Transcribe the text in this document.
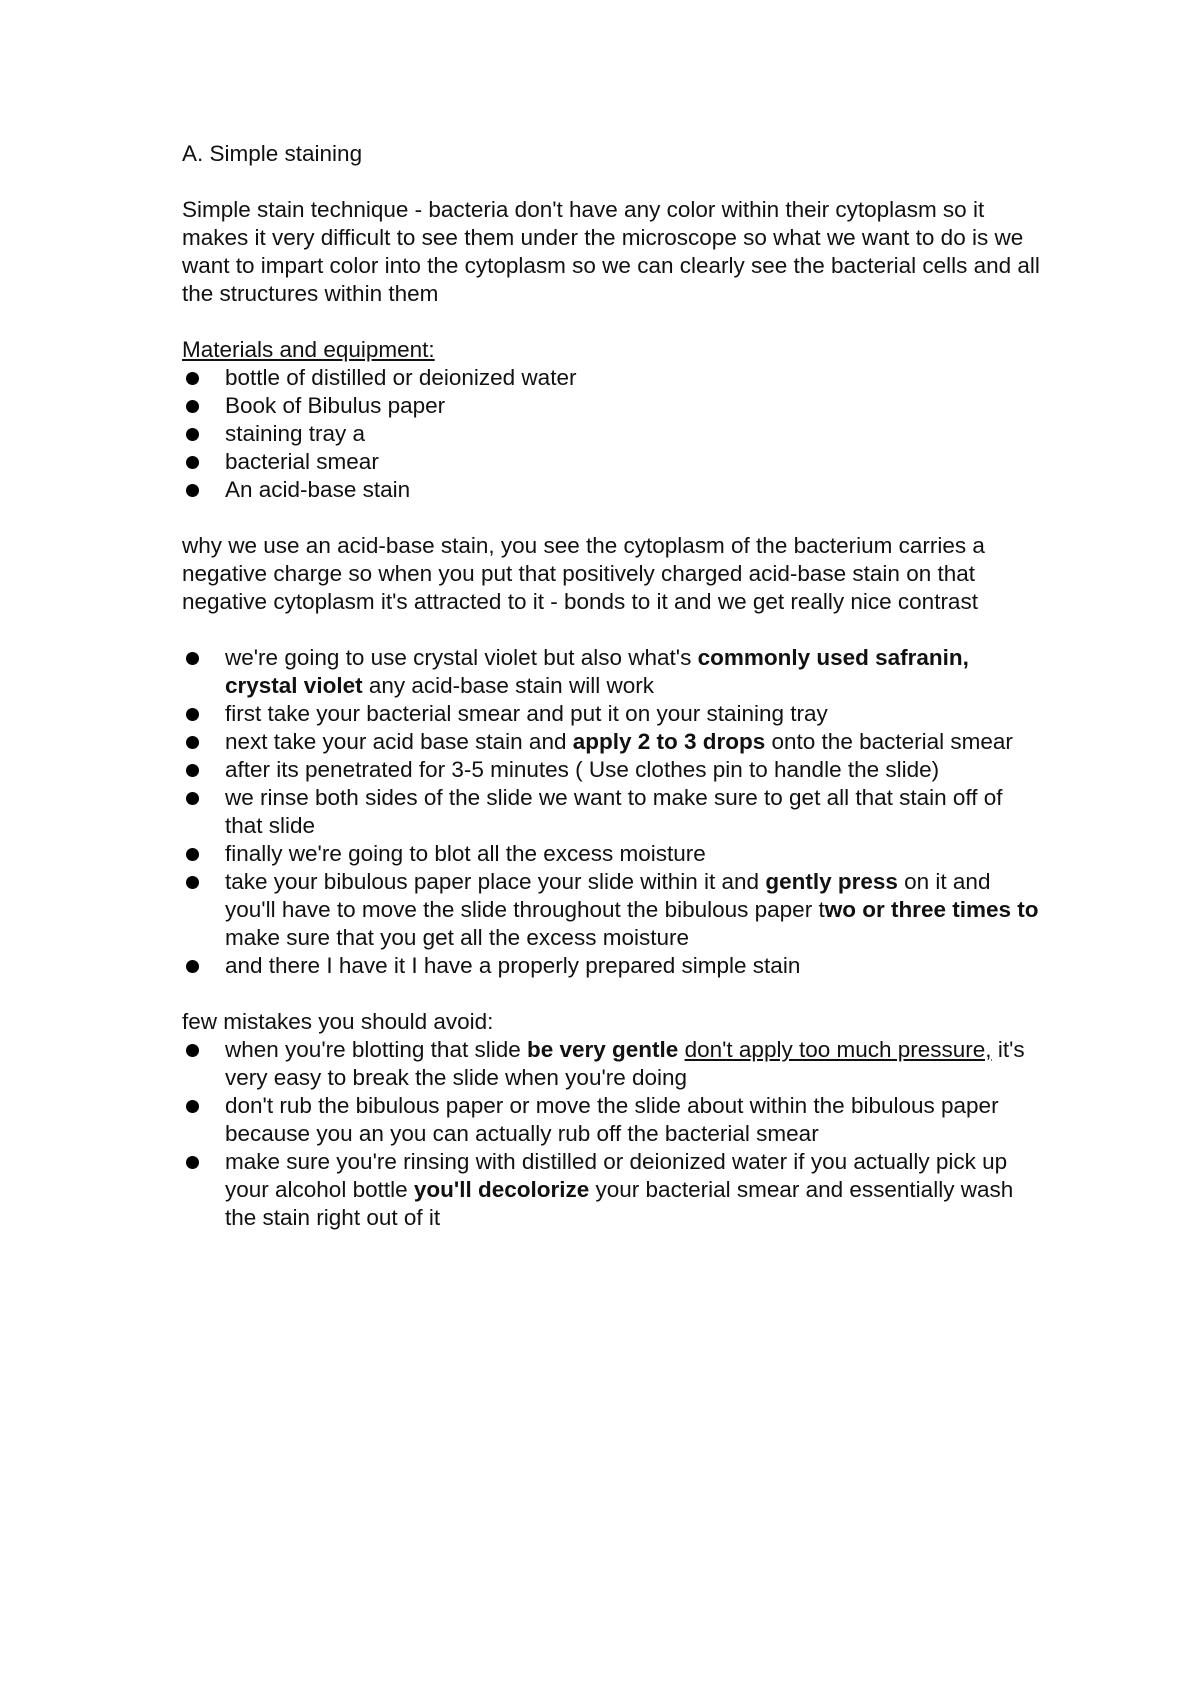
A. Simple staining

Simple stain technique - bacteria don't have any color within their cytoplasm so it makes it very difficult to see them under the microscope so what we want to do is we want to impart color into the cytoplasm so we can clearly see the bacterial cells and all the structures within them

Materials and equipment:

bottle of distilled or deionized water
Book of Bibulus paper
staining tray a
bacterial smear
An acid-base stain

why we use an acid-base stain, you see the cytoplasm of the bacterium carries a negative charge so when you put that positively charged acid-base stain on that negative cytoplasm it's attracted to it - bonds to it and we get really nice contrast

we're going to use crystal violet but also what's commonly used safranin, crystal violet any acid-base stain will work
first take your bacterial smear and put it on your staining tray
next take your acid base stain and apply 2 to 3 drops onto the bacterial smear
after its penetrated for 3-5 minutes ( Use clothes pin to handle the slide)
we rinse both sides of the slide we want to make sure to get all that stain off of that slide
finally we're going to blot all the excess moisture
take your bibulous paper place your slide within it and gently press on it and you'll have to move the slide throughout the bibulous paper two or three times to make sure that you get all the excess moisture
and there I have it I have a properly prepared simple stain

few mistakes you should avoid:

when you're blotting that slide be very gentle don't apply too much pressure, it's very easy to break the slide when you're doing
don't rub the bibulous paper or move the slide about within the bibulous paper because you an you can actually rub off the bacterial smear
make sure you're rinsing with distilled or deionized water if you actually pick up your alcohol bottle you'll decolorize your bacterial smear and essentially wash the stain right out of it
